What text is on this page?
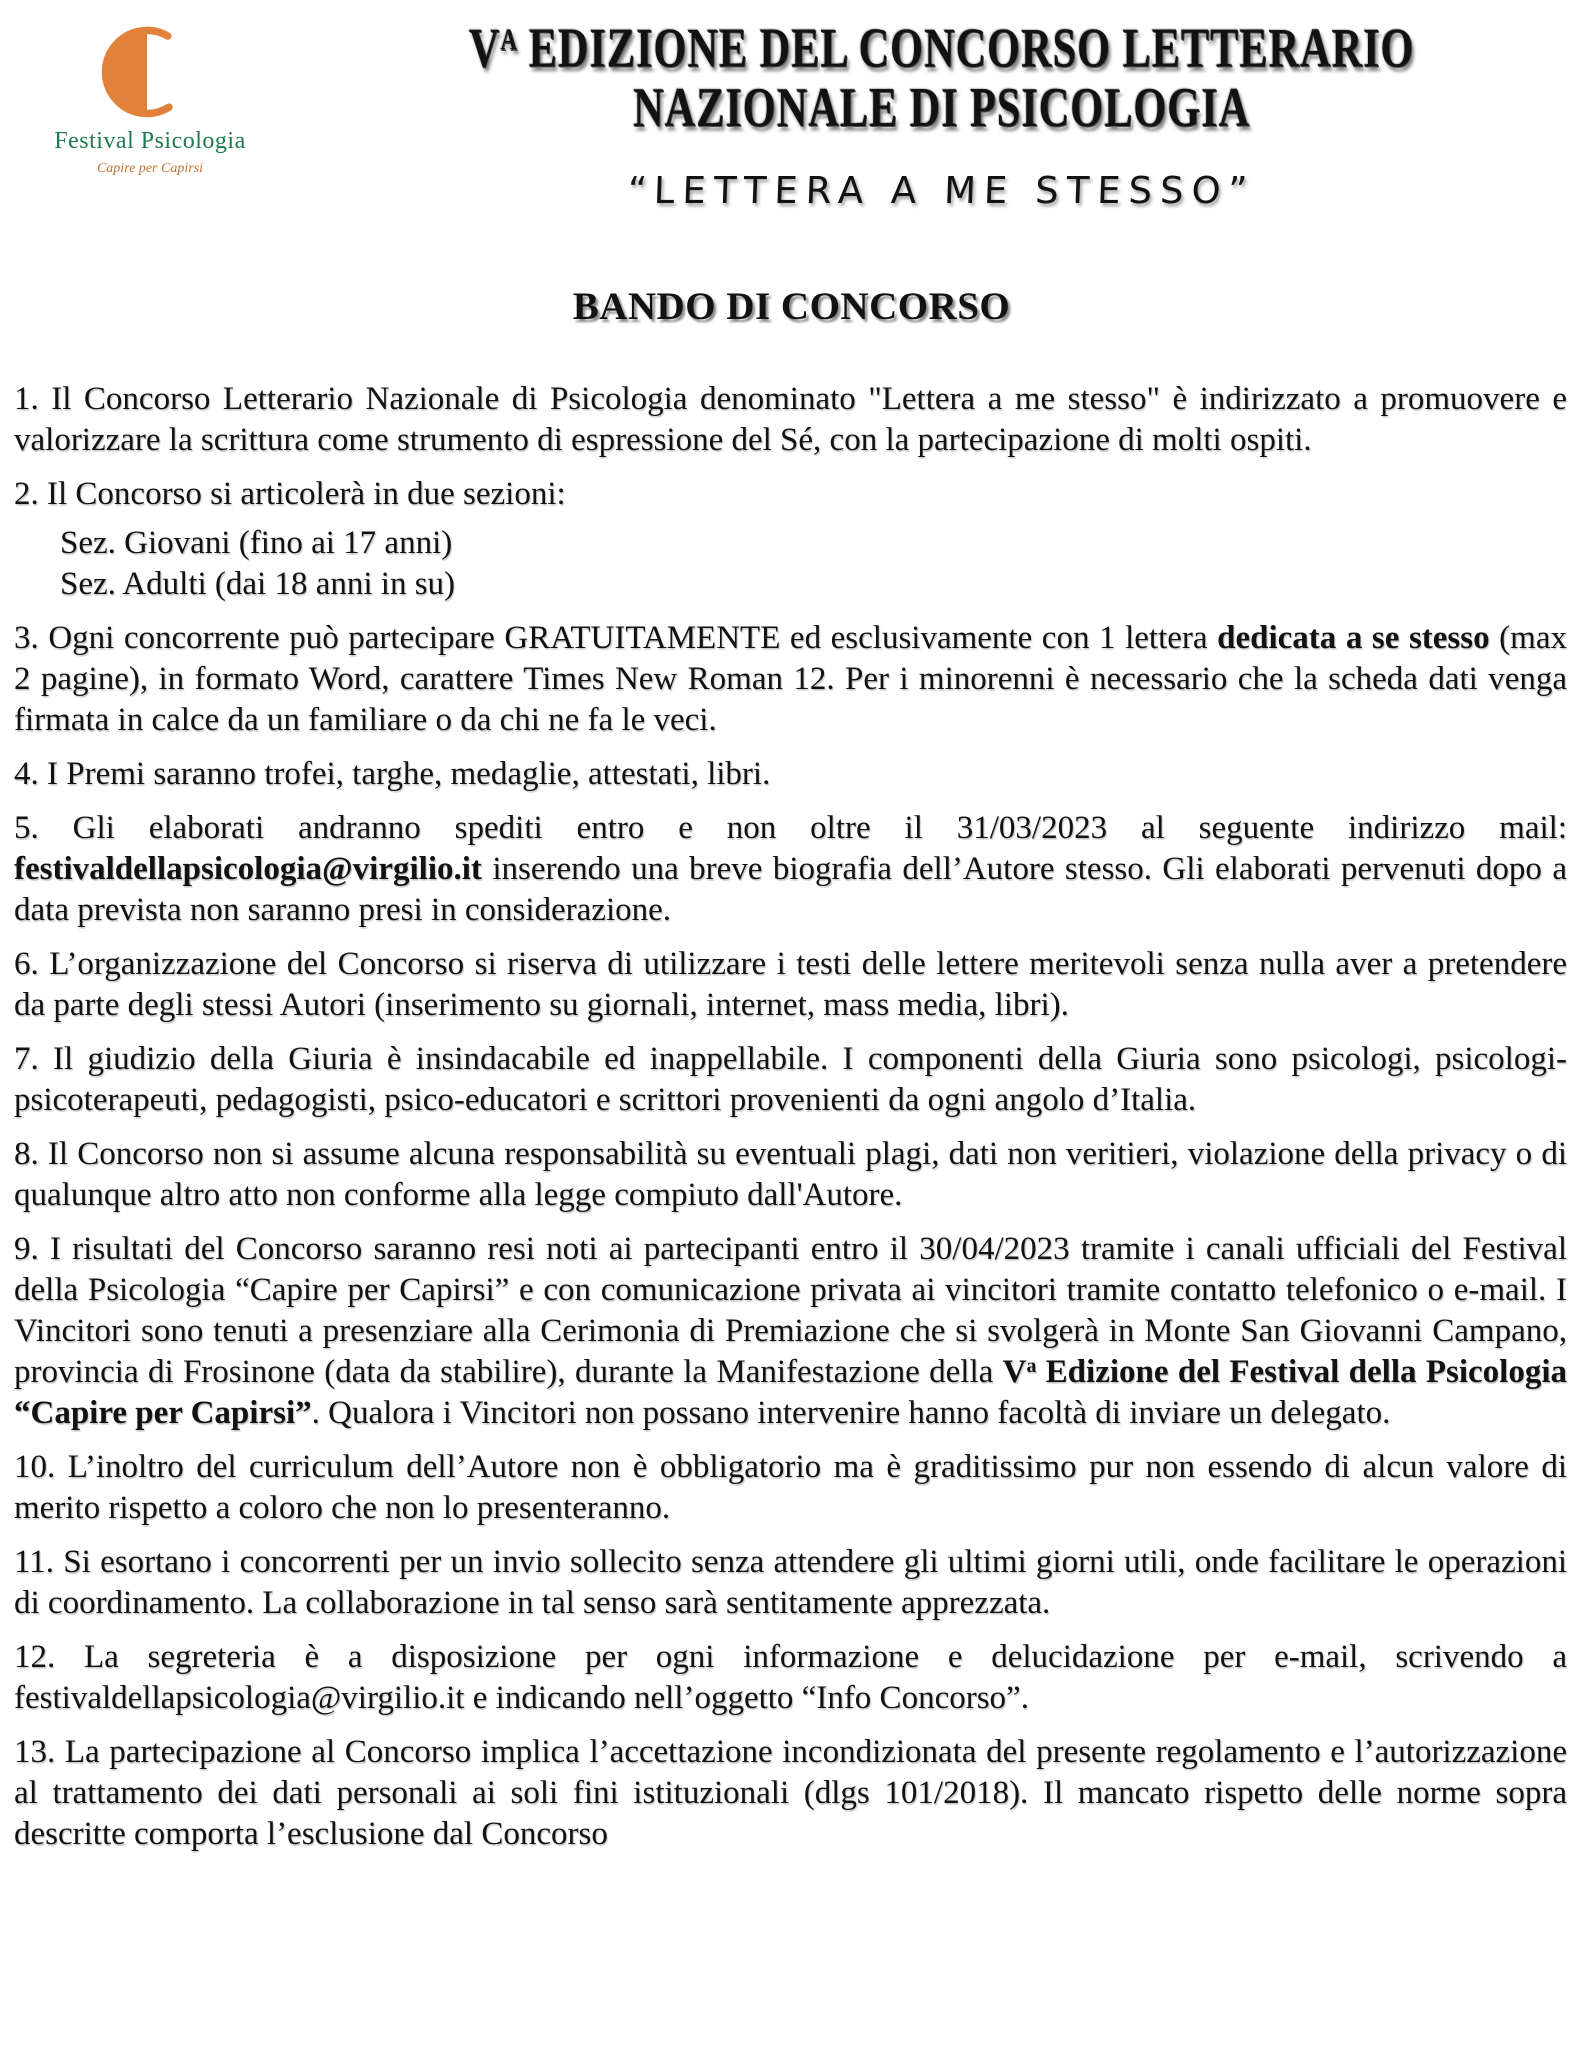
Festival Psicologia
Capire per Capirsi
$V^A$ EDIZIONE DEL CONCORSO LETTERARIO
NAZIONALE DI PSICOLOGIA
“LETTERA A ME STESSO”
BANDO DI CONCORSO

1. Il Concorso Letterario Nazionale di Psicologia denominato "Lettera a me stesso" è indirizzato a promuovere e valorizzare la scrittura come strumento di espressione del Sé, con la partecipazione di molti ospiti.

2. Il Concorso si articolerà in due sezioni:

Sez. Giovani (fino ai 17 anni)

Sez. Adulti (dai 18 anni in su)

3. Ogni concorrente può partecipare GRATUITAMENTE ed esclusivamente con 1 lettera dedicata a se stesso (max 2 pagine), in formato Word, carattere Times New Roman 12. Per i minorenni è necessario che la scheda dati venga firmata in calce da un familiare o da chi ne fa le veci.

4. I Premi saranno trofei, targhe, medaglie, attestati, libri.

5. Gli elaborati andranno spediti entro e non oltre il 31/03/2023 al seguente indirizzo mail: festivaldellapsicologia@virgilio.it inserendo una breve biografia dell’Autore stesso. Gli elaborati pervenuti dopo a data prevista non saranno presi in considerazione.

6. L’organizzazione del Concorso si riserva di utilizzare i testi delle lettere meritevoli senza nulla aver a pretendere da parte degli stessi Autori (inserimento su giornali, internet, mass media, libri).

7. Il giudizio della Giuria è insindacabile ed inappellabile. I componenti della Giuria sono psicologi, psicologi-psicoterapeuti, pedagogisti, psico-educatori e scrittori provenienti da ogni angolo d’Italia.

8. Il Concorso non si assume alcuna responsabilità su eventuali plagi, dati non veritieri, violazione della privacy o di qualunque altro atto non conforme alla legge compiuto dall'Autore.

9. I risultati del Concorso saranno resi noti ai partecipanti entro il 30/04/2023 tramite i canali ufficiali del Festival della Psicologia “Capire per Capirsi” e con comunicazione privata ai vincitori tramite contatto telefonico o e-mail. I Vincitori sono tenuti a presenziare alla Cerimonia di Premiazione che si svolgerà in Monte San Giovanni Campano, provincia di Frosinone (data da stabilire), durante la Manifestazione della $V^a$ Edizione del Festival della Psicologia “Capire per Capirsi”. Qualora i Vincitori non possano intervenire hanno facoltà di inviare un delegato.

10. L’inoltro del curriculum dell’Autore non è obbligatorio ma è graditissimo pur non essendo di alcun valore di merito rispetto a coloro che non lo presenteranno.

11. Si esortano i concorrenti per un invio sollecito senza attendere gli ultimi giorni utili, onde facilitare le operazioni di coordinamento. La collaborazione in tal senso sarà sentitamente apprezzata.

12. La segreteria è a disposizione per ogni informazione e delucidazione per e-mail, scrivendo a festivaldellapsicologia@virgilio.it e indicando nell’oggetto “Info Concorso”.

13. La partecipazione al Concorso implica l’accettazione incondizionata del presente regolamento e l’autorizzazione al trattamento dei dati personali ai soli fini istituzionali (dlgs 101/2018). Il mancato rispetto delle norme sopra descritte comporta l’esclusione dal Concorso
